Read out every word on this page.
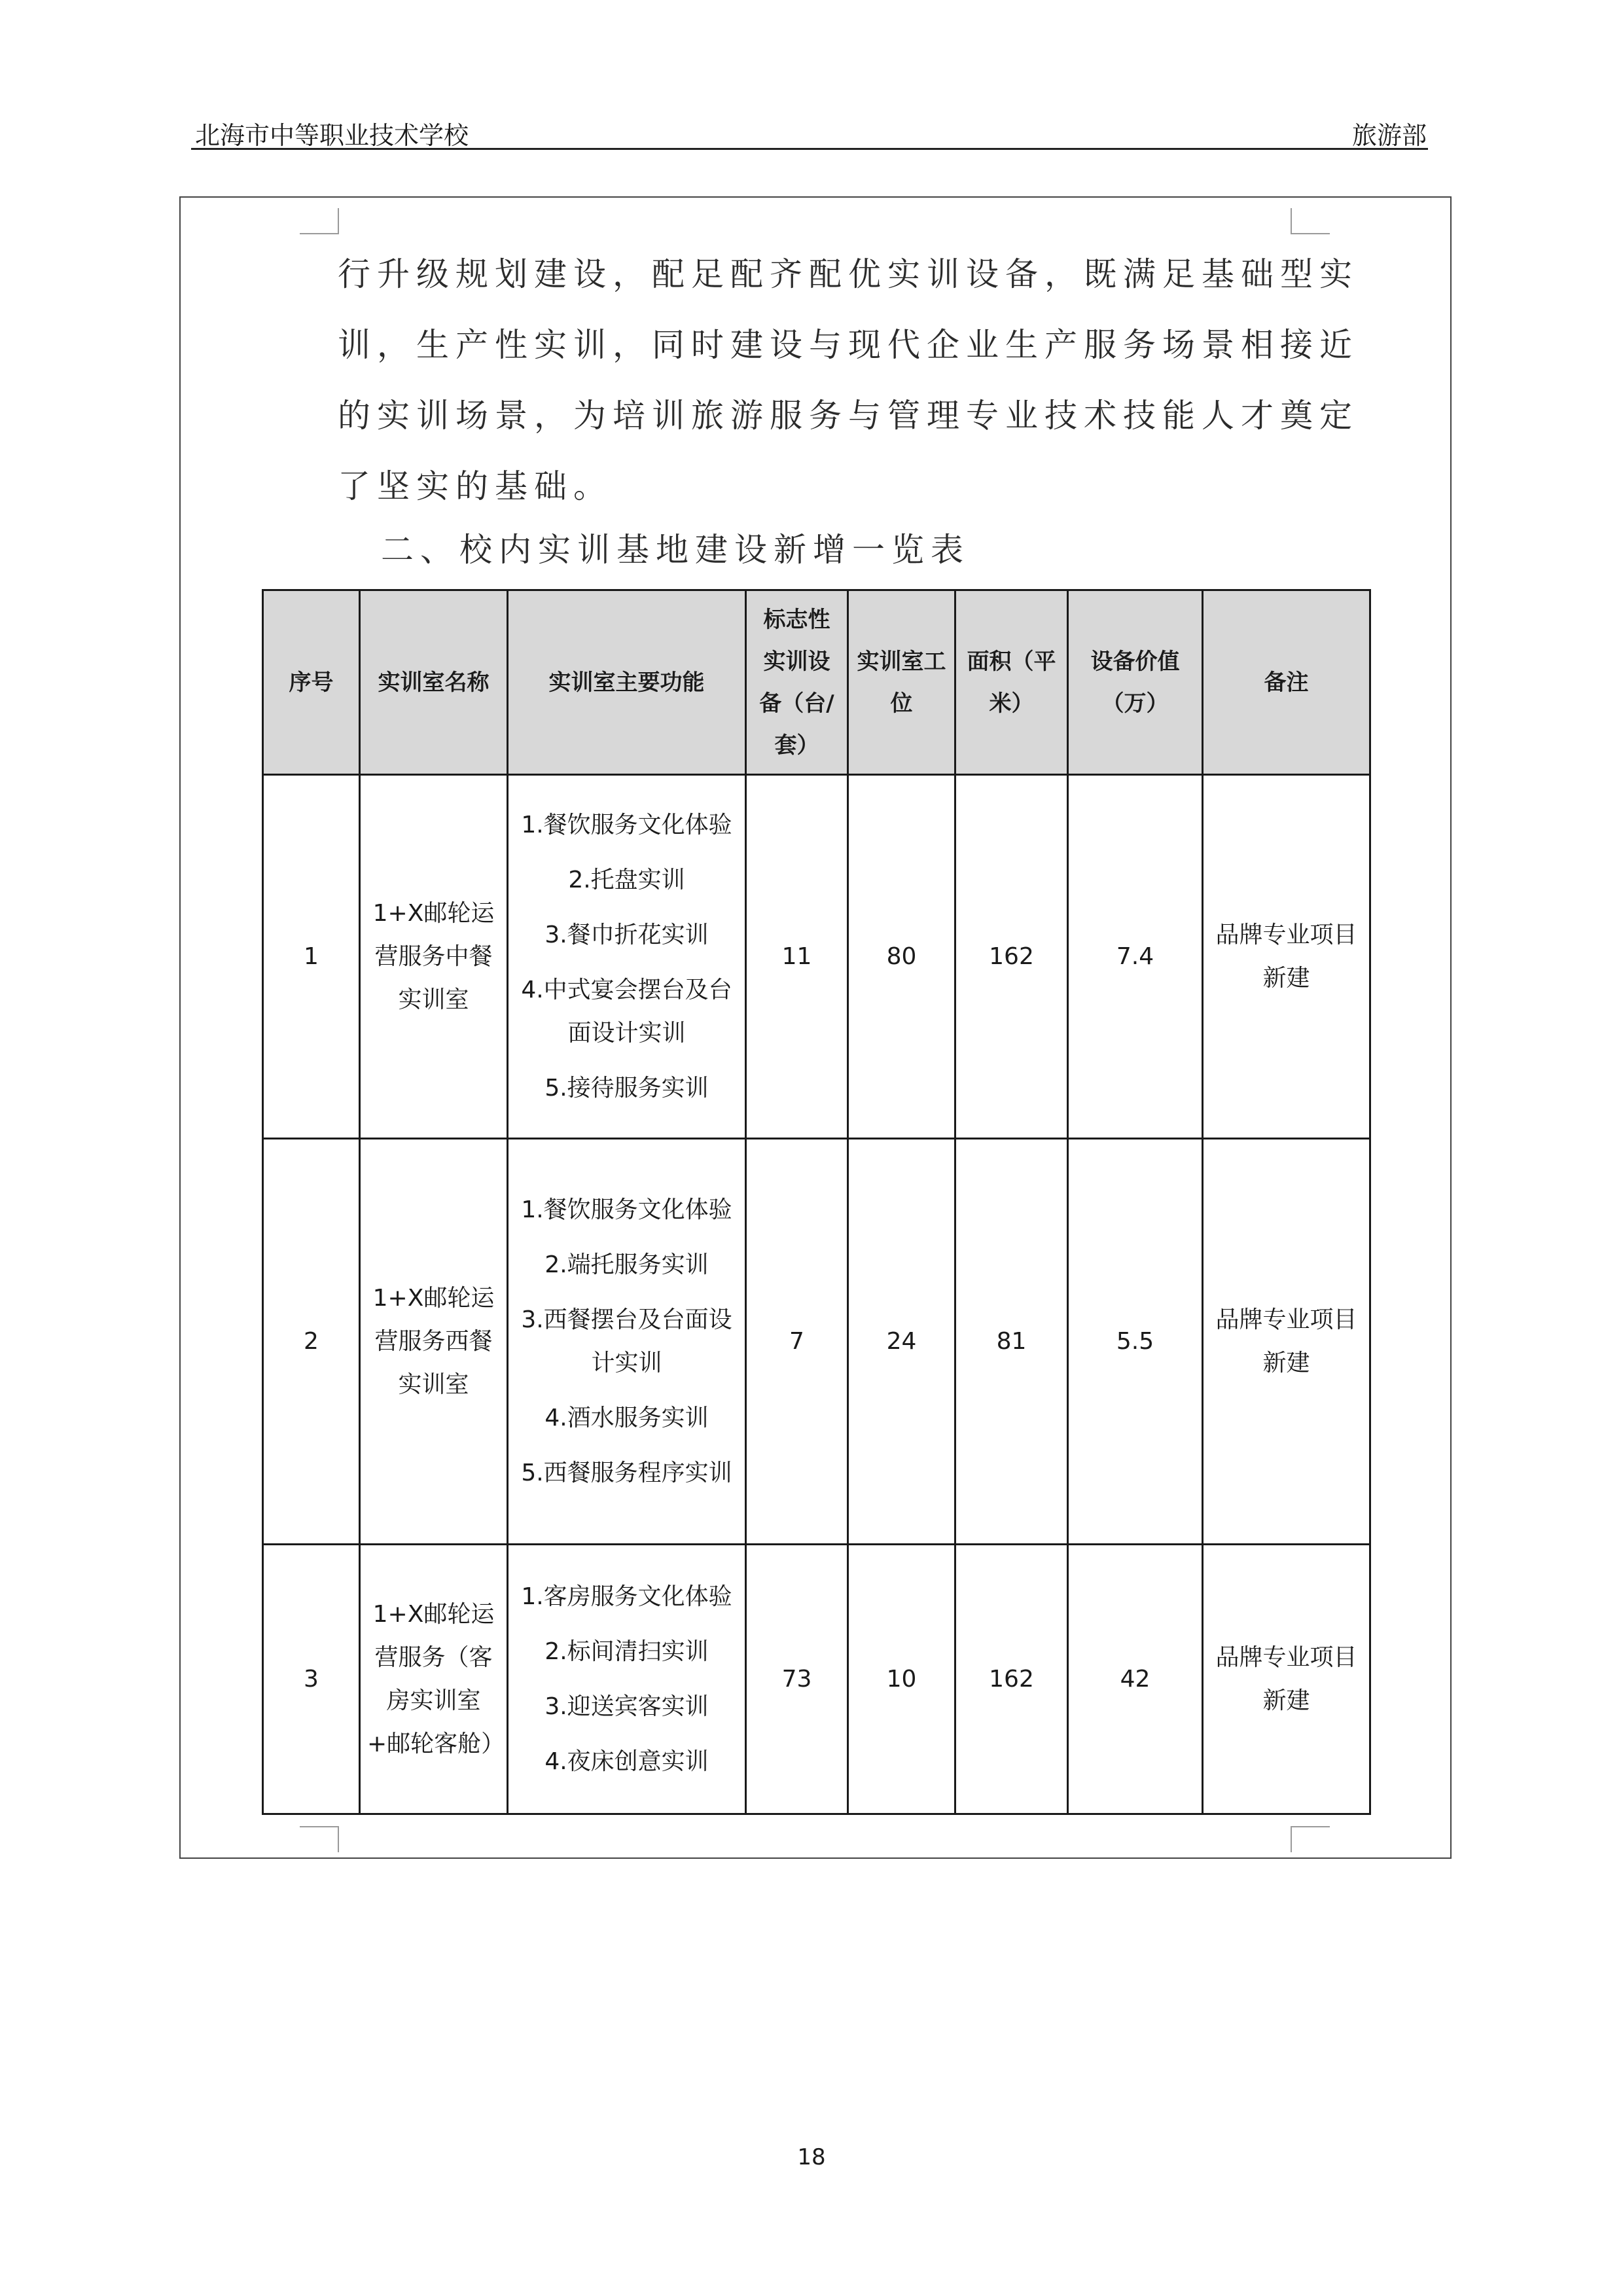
北海市中等职业技术学校	旅游部

行升级规划建设，配足配齐配优实训设备，既满足基础型实

训，生产性实训，同时建设与现代企业生产服务场景相接近

的实训场景，为培训旅游服务与管理专业技术技能人才奠定

了坚实的基础。

二、校内实训基地建设新增一览表
序号	实训室名称	实训室主要功能	标志性实训设备（台/套）	实训室工位	面积（平米）	设备价值（万）	备注
1	1+X邮轮运营服务中餐实训室	1.餐饮服务文化体验
2.托盘实训
3.餐巾折花实训
4.中式宴会摆台及台面设计实训
5.接待服务实训	11	80	162	7.4	品牌专业项目新建
2	1+X邮轮运营服务西餐实训室	1.餐饮服务文化体验
2.端托服务实训
3.西餐摆台及台面设计实训
4.酒水服务实训
5.西餐服务程序实训	7	24	81	5.5	品牌专业项目新建
3	1+X邮轮运营服务（客房实训室+邮轮客舱）	1.客房服务文化体验
2.标间清扫实训
3.迎送宾客实训
4.夜床创意实训	73	10	162	42	品牌专业项目新建
18
